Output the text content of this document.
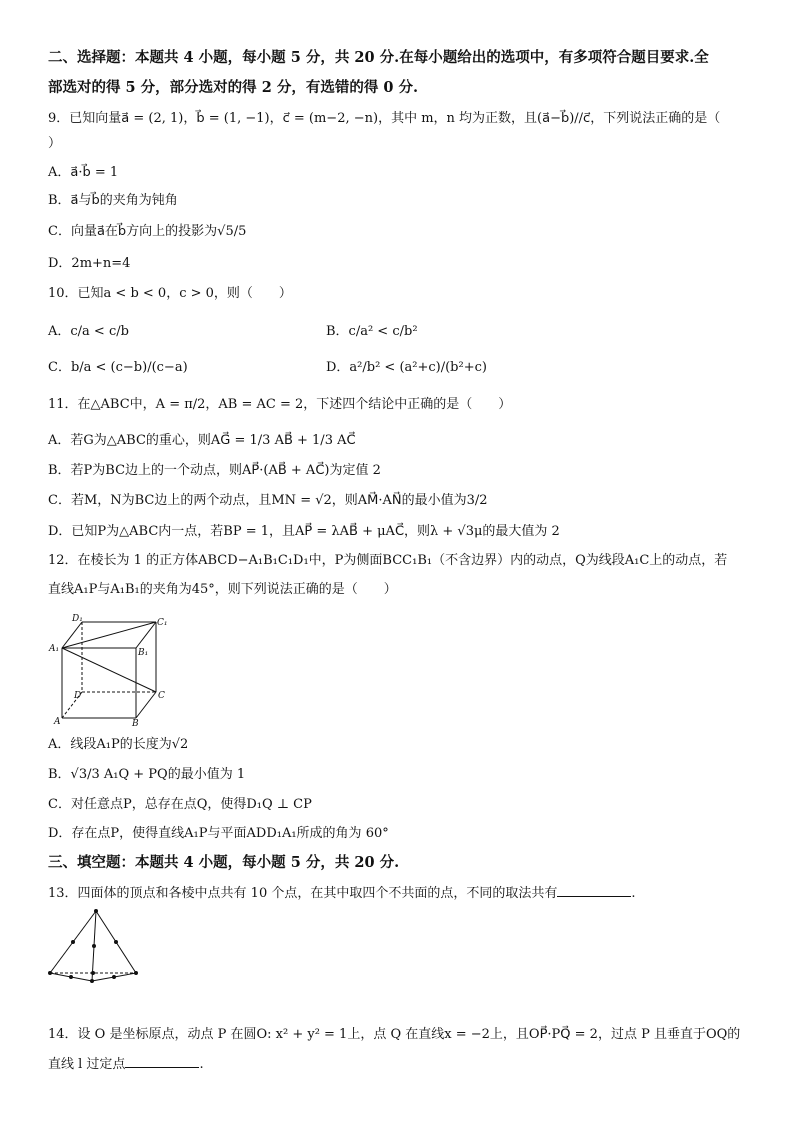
二、选择题：本题共 4 小题，每小题 5 分，共 20 分.在每小题给出的选项中，有多项符合题目要求.全
部选对的得 5 分，部分选对的得 2 分，有选错的得 0 分.
9．已知向量a⃗ = (2, 1)，b⃗ = (1, −1)，c⃗ = (m−2, −n)，其中 m，n 均为正数，且(a⃗−b⃗)//c⃗，下列说法正确的是（
）
A．a⃗·b⃗ = 1
B．a⃗与b⃗的夹角为钝角
C．向量a⃗在b⃗方向上的投影为√5/5
D．2m+n=4
10．已知a < b < 0，c > 0，则（　　）
A．c/a < c/b	B．c/a² < c/b²
C．b/a < (c−b)/(c−a)	D．a²/b² < (a²+c)/(b²+c)
11．在△ABC中，A = π/2，AB = AC = 2，下述四个结论中正确的是（　　）
A．若G为△ABC的重心，则AG⃗ = 1/3 AB⃗ + 1/3 AC⃗
B．若P为BC边上的一个动点，则AP⃗·(AB⃗ + AC⃗)为定值 2
C．若M，N为BC边上的两个动点，且MN = √2，则AM⃗·AN⃗的最小值为3/2
D．已知P为△ABC内一点，若BP = 1，且AP⃗ = λAB⃗ + μAC⃗，则λ + √3μ的最大值为 2
12．在棱长为 1 的正方体ABCD−A₁B₁C₁D₁中，P为侧面BCC₁B₁（不含边界）内的动点，Q为线段A₁C上的动点，若
直线A₁P与A₁B₁的夹角为45°，则下列说法正确的是（　　）
D₁	C₁
A₁	B₁
D	C
A	B
A．线段A₁P的长度为√2
B．√3/3 A₁Q + PQ的最小值为 1
C．对任意点P，总存在点Q，使得D₁Q ⊥ CP
D．存在点P，使得直线A₁P与平面ADD₁A₁所成的角为 60°
三、填空题：本题共 4 小题，每小题 5 分，共 20 分.
13．四面体的顶点和各棱中点共有 10 个点，在其中取四个不共面的点，不同的取法共有	.
14．设 O 是坐标原点，动点 P 在圆O: x² + y² = 1上，点 Q 在直线x = −2上，且OP⃗·PQ⃗ = 2，过点 P 且垂直于OQ的
直线 l 过定点	.
